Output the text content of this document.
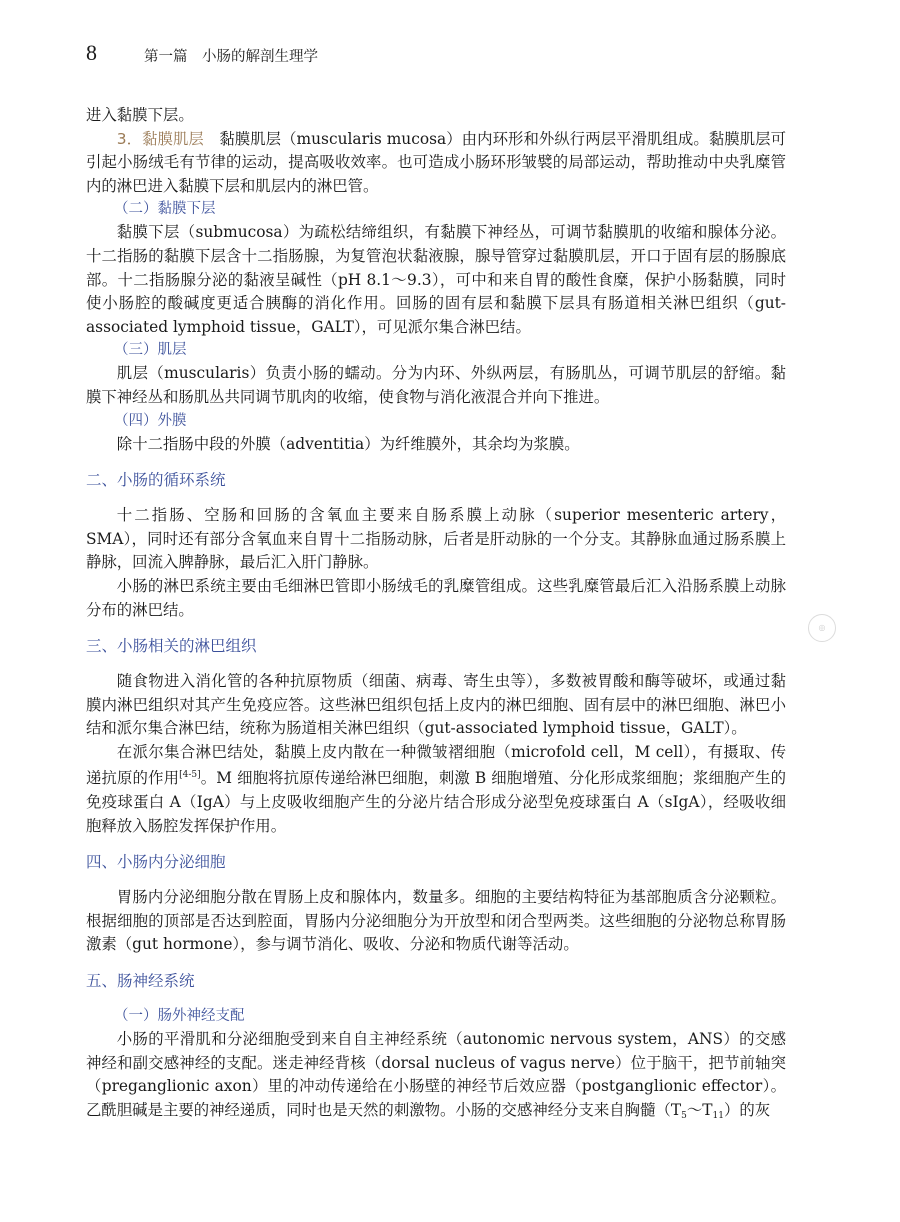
8	第一篇　小肠的解剖生理学

进入黏膜下层。

3．黏膜肌层　黏膜肌层（muscularis mucosa）由内环形和外纵行两层平滑肌组成。黏膜肌层可引起小肠绒毛有节律的运动，提高吸收效率。也可造成小肠环形皱襞的局部运动，帮助推动中央乳糜管内的淋巴进入黏膜下层和肌层内的淋巴管。

（二）黏膜下层

黏膜下层（submucosa）为疏松结缔组织，有黏膜下神经丛，可调节黏膜肌的收缩和腺体分泌。十二指肠的黏膜下层含十二指肠腺，为复管泡状黏液腺，腺导管穿过黏膜肌层，开口于固有层的肠腺底部。十二指肠腺分泌的黏液呈碱性（pH 8.1～9.3），可中和来自胃的酸性食糜，保护小肠黏膜，同时使小肠腔的酸碱度更适合胰酶的消化作用。回肠的固有层和黏膜下层具有肠道相关淋巴组织（gut-associated lymphoid tissue，GALT），可见派尔集合淋巴结。

（三）肌层

肌层（muscularis）负责小肠的蠕动。分为内环、外纵两层，有肠肌丛，可调节肌层的舒缩。黏膜下神经丛和肠肌丛共同调节肌肉的收缩，使食物与消化液混合并向下推进。

（四）外膜

除十二指肠中段的外膜（adventitia）为纤维膜外，其余均为浆膜。

二、小肠的循环系统

十二指肠、空肠和回肠的含氧血主要来自肠系膜上动脉（superior mesenteric artery，SMA），同时还有部分含氧血来自胃十二指肠动脉，后者是肝动脉的一个分支。其静脉血通过肠系膜上静脉，回流入脾静脉，最后汇入肝门静脉。

小肠的淋巴系统主要由毛细淋巴管即小肠绒毛的乳糜管组成。这些乳糜管最后汇入沿肠系膜上动脉分布的淋巴结。

三、小肠相关的淋巴组织

随食物进入消化管的各种抗原物质（细菌、病毒、寄生虫等），多数被胃酸和酶等破坏，或通过黏膜内淋巴组织对其产生免疫应答。这些淋巴组织包括上皮内的淋巴细胞、固有层中的淋巴细胞、淋巴小结和派尔集合淋巴结，统称为肠道相关淋巴组织（gut-associated lymphoid tissue，GALT）。

在派尔集合淋巴结处，黏膜上皮内散在一种微皱褶细胞（microfold cell，M cell），有摄取、传递抗原的作用[4-5]。M 细胞将抗原传递给淋巴细胞，刺激 B 细胞增殖、分化形成浆细胞；浆细胞产生的免疫球蛋白 A（IgA）与上皮吸收细胞产生的分泌片结合形成分泌型免疫球蛋白 A（sIgA），经吸收细胞释放入肠腔发挥保护作用。

四、小肠内分泌细胞

胃肠内分泌细胞分散在胃肠上皮和腺体内，数量多。细胞的主要结构特征为基部胞质含分泌颗粒。根据细胞的顶部是否达到腔面，胃肠内分泌细胞分为开放型和闭合型两类。这些细胞的分泌物总称胃肠激素（gut hormone），参与调节消化、吸收、分泌和物质代谢等活动。

五、肠神经系统
（一）肠外神经支配

小肠的平滑肌和分泌细胞受到来自自主神经系统（autonomic nervous system，ANS）的交感神经和副交感神经的支配。迷走神经背核（dorsal nucleus of vagus nerve）位于脑干，把节前轴突（preganglionic axon）里的冲动传递给在小肠壁的神经节后效应器（postganglionic effector）。乙酰胆碱是主要的神经递质，同时也是天然的刺激物。小肠的交感神经分支来自胸髓$(T_5\sim T_{11})$的灰

◎
